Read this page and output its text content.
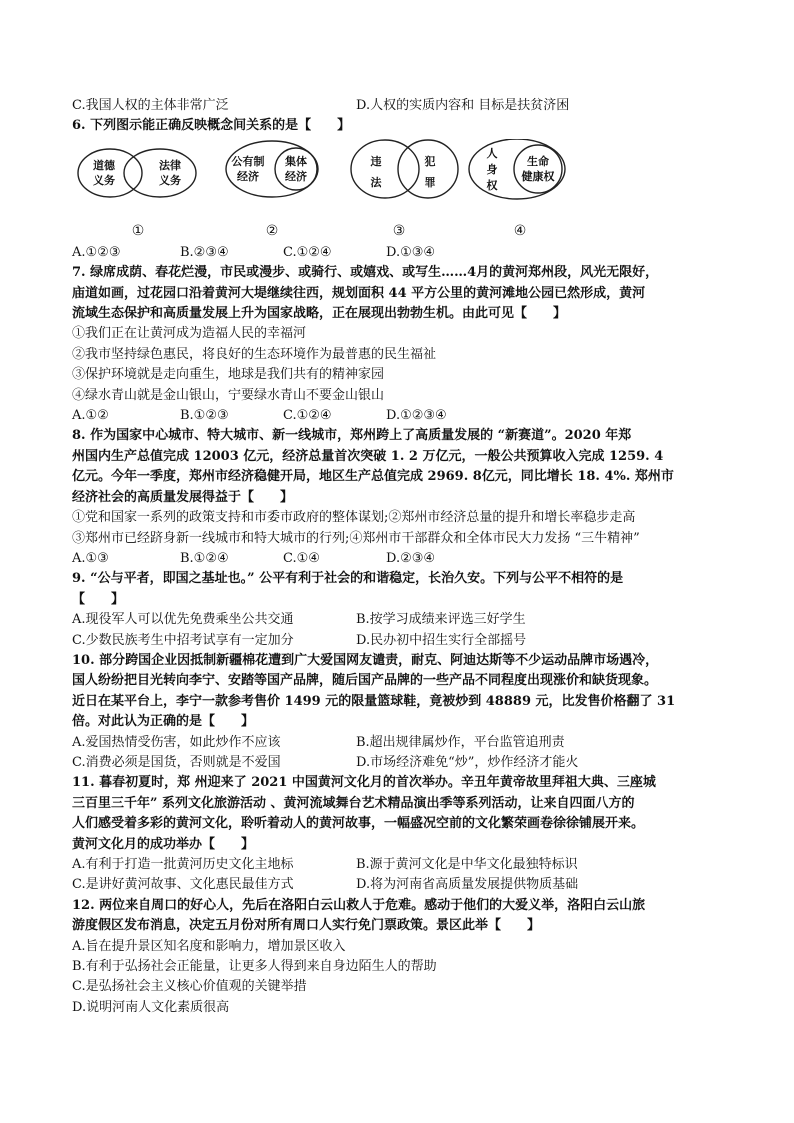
C.我国人权的主体非常广泛	D.人权的实质内容和 目标是扶贫济困
6. 下列图示能正确反映概念间关系的是【　　】
道德
义务
法律
义务
①
公有制
经济
集体
经济
②
违
法
犯
罪
③
人
身
权
生命
健康权
④
A.①②③	B.②③④	C.①②④	D.①③④
7. 绿席成荫、春花烂漫，市民或漫步、或骑行、或嬉戏、或写生……4月的黄河郑州段，风光无限好，
庙道如画，过花园口沿着黄河大堤继续往西，规划面积 44 平方公里的黄河滩地公园已然形成，黄河
流域生态保护和高质量发展上升为国家战略，正在展现出勃勃生机。由此可见【　　】
①我们正在让黄河成为造福人民的幸福河
②我市坚持绿色惠民，将良好的生态环境作为最普惠的民生福祉
③保护环境就是走向重生，地球是我们共有的精神家园
④绿水青山就是金山银山，宁要绿水青山不要金山银山
A.①②	B.①②③	C.①②④	D.①②③④
8. 作为国家中心城市、特大城市、新一线城市，郑州跨上了高质量发展的 “新赛道”。2020 年郑
州国内生产总值完成 12003 亿元，经济总量首次突破 1. 2 万亿元，一般公共预算收入完成 1259. 4
亿元。今年一季度，郑州市经济稳健开局，地区生产总值完成 2969. 8亿元，同比增长 18. 4%. 郑州市
经济社会的高质量发展得益于【　　】
①党和国家一系列的政策支持和市委市政府的整体谋划;②郑州市经济总量的提升和增长率稳步走高
③郑州市已经跻身新一线城市和特大城市的行列;④郑州市干部群众和全体市民大力发扬 “三牛精神”
A.①③	B.①②④	C.①④	D.②③④
9. “公与平者，即国之基址也。” 公平有利于社会的和谐稳定，长治久安。下列与公平不相符的是
【　　】
A.现役军人可以优先免费乘坐公共交通	B.按学习成绩来评选三好学生
C.少数民族考生中招考试享有一定加分	D.民办初中招生实行全部摇号
10. 部分跨国企业因抵制新疆棉花遭到广大爱国网友谴责，耐克、阿迪达斯等不少运动品牌市场遇冷，
国人纷纷把目光转向李宁、安踏等国产品牌，随后国产品牌的一些产品不同程度出现涨价和缺货现象。
近日在某平台上，李宁一款参考售价 1499 元的限量篮球鞋，竟被炒到 48889 元，比发售价格翻了 31
倍。对此认为正确的是【　　】
A.爱国热情受伤害，如此炒作不应该	B.超出规律属炒作，平台监管追刑责
C.消费必须是国货，否则就是不爱国	D.市场经济难免“炒”，炒作经济才能火
11. 暮春初夏时，郑 州迎来了 2021 中国黄河文化月的首次举办。辛丑年黄帝故里拜祖大典、三座城
三百里三千年” 系列文化旅游活动 、黄河流域舞台艺术精品演出季等系列活动，让来自四面八方的
人们感受着多彩的黄河文化，聆听着动人的黄河故事，一幅盛况空前的文化繁荣画卷徐徐铺展开来。
黄河文化月的成功举办【　　】
A.有利于打造一批黄河历史文化主地标	B.源于黄河文化是中华文化最独特标识
C.是讲好黄河故事、文化惠民最佳方式	D.将为河南省高质量发展提供物质基础
12. 两位来自周口的好心人，先后在洛阳白云山救人于危难。感动于他们的大爱义举，洛阳白云山旅
游度假区发布消息，决定五月份对所有周口人实行免门票政策。景区此举【　　】
A.旨在提升景区知名度和影响力，增加景区收入
B.有利于弘扬社会正能量，让更多人得到来自身边陌生人的帮助
C.是弘扬社会主义核心价值观的关键举措
D.说明河南人文化素质很高
